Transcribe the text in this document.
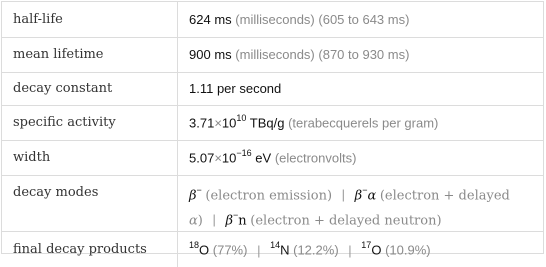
half-life	624 ms (milliseconds) (605 to 643 ms)
mean lifetime	900 ms (milliseconds) (870 to 930 ms)
decay constant	1.11 per second
specific activity	$3.71\times 10^{10}$ TBq/g (terabecquerels per gram)
width	$5.07\times 10^{-16}$ eV (electronvolts)
decay modes	β− (electron emission) | β−α (electron + delayed
α) | β−n (electron + delayed neutron)
final decay products	$^{18}$O (77%) | $^{14}$N (12.2%) | $^{17}$O (10.9%)
